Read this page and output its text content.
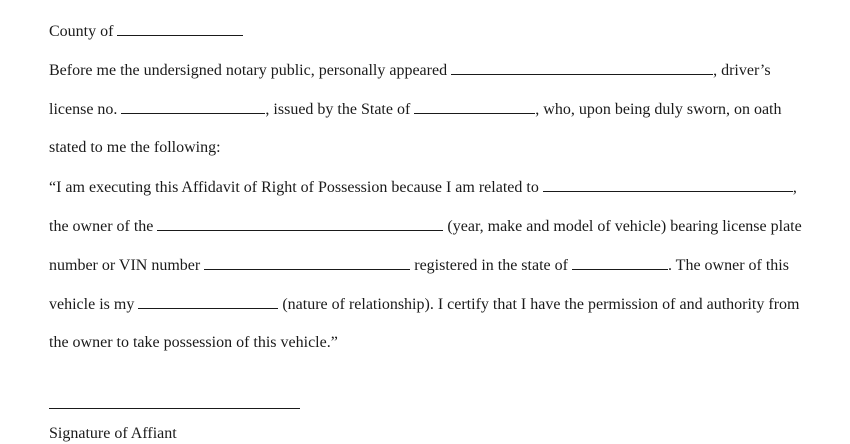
County of
Before me the undersigned notary public, personally appeared	, driver’s
license no.	, issued by the State of	, who, upon being duly sworn, on oath
stated to me the following:
“I am executing this Affidavit of Right of Possession because I am related to	,
the owner of the	(year, make and model of vehicle) bearing license plate
number or VIN number	registered in the state of	. The owner of this
vehicle is my	(nature of relationship). I certify that I have the permission of and authority from
the owner to take possession of this vehicle.”
Signature of Affiant
